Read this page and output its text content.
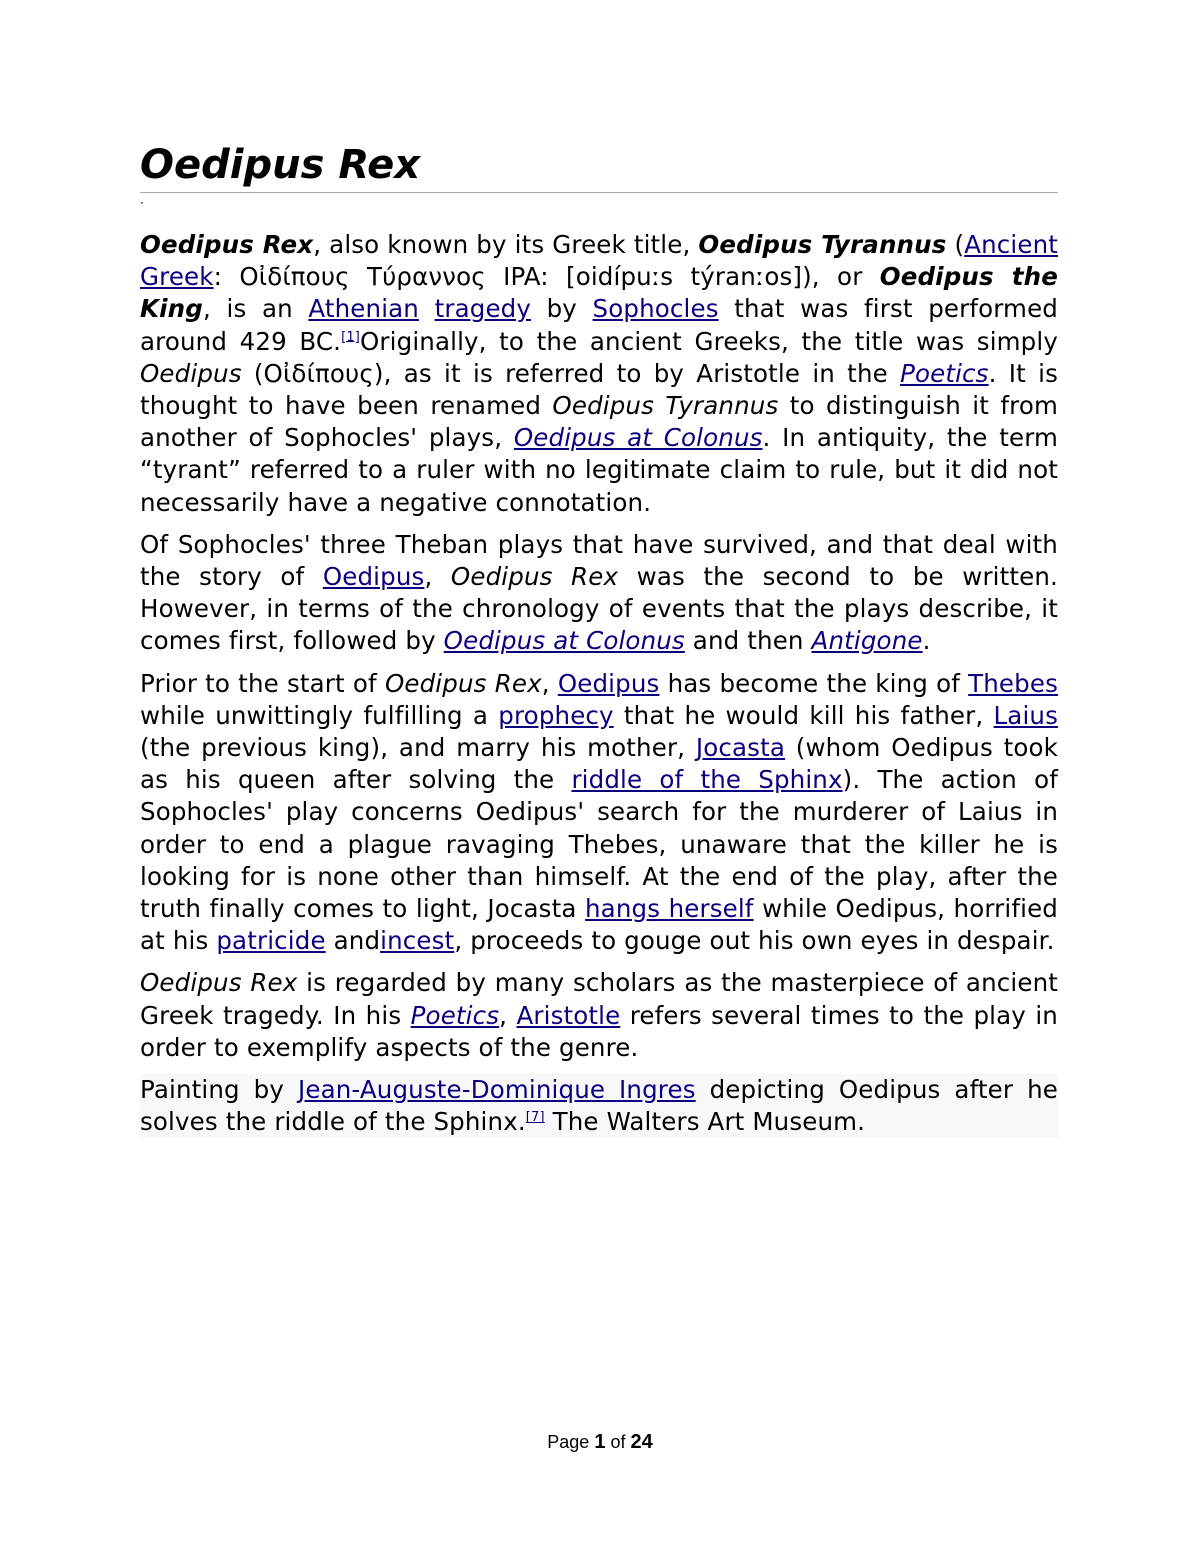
Oedipus Rex
·

Oedipus Rex, also known by its Greek title, Oedipus Tyrannus (Ancient Greek: Οἰδίπους Τύραννος IPA: [oidípuːs týranːos]), or Oedipus the King, is an Athenian tragedy by Sophocles that was first performed around 429 BC.[1]Originally, to the ancient Greeks, the title was simply Oedipus (Οἰδίπους), as it is referred to by Aristotle in the Poetics. It is thought to have been renamed Oedipus Tyrannus to distinguish it from another of Sophocles' plays, Oedipus at Colonus. In antiquity, the term “tyrant” referred to a ruler with no legitimate claim to rule, but it did not necessarily have a negative connotation.

Of Sophocles' three Theban plays that have survived, and that deal with the story of Oedipus, Oedipus Rex was the second to be written. However, in terms of the chronology of events that the plays describe, it comes first, followed by Oedipus at Colonus and then Antigone.

Prior to the start of Oedipus Rex, Oedipus has become the king of Thebes while unwittingly fulfilling a prophecy that he would kill his father, Laius (the previous king), and marry his mother, Jocasta (whom Oedipus took as his queen after solving the riddle of the Sphinx). The action of Sophocles' play concerns Oedipus' search for the murderer of Laius in order to end a plague ravaging Thebes, unaware that the killer he is looking for is none other than himself. At the end of the play, after the truth finally comes to light, Jocasta hangs herself while Oedipus, horrified at his patricide andincest, proceeds to gouge out his own eyes in despair.

Oedipus Rex is regarded by many scholars as the masterpiece of ancient Greek tragedy. In his Poetics, Aristotle refers several times to the play in order to exemplify aspects of the genre.

Painting by Jean-Auguste-Dominique Ingres depicting Oedipus after he solves the riddle of the Sphinx.[7] The Walters Art Museum.

Page 1 of 24
